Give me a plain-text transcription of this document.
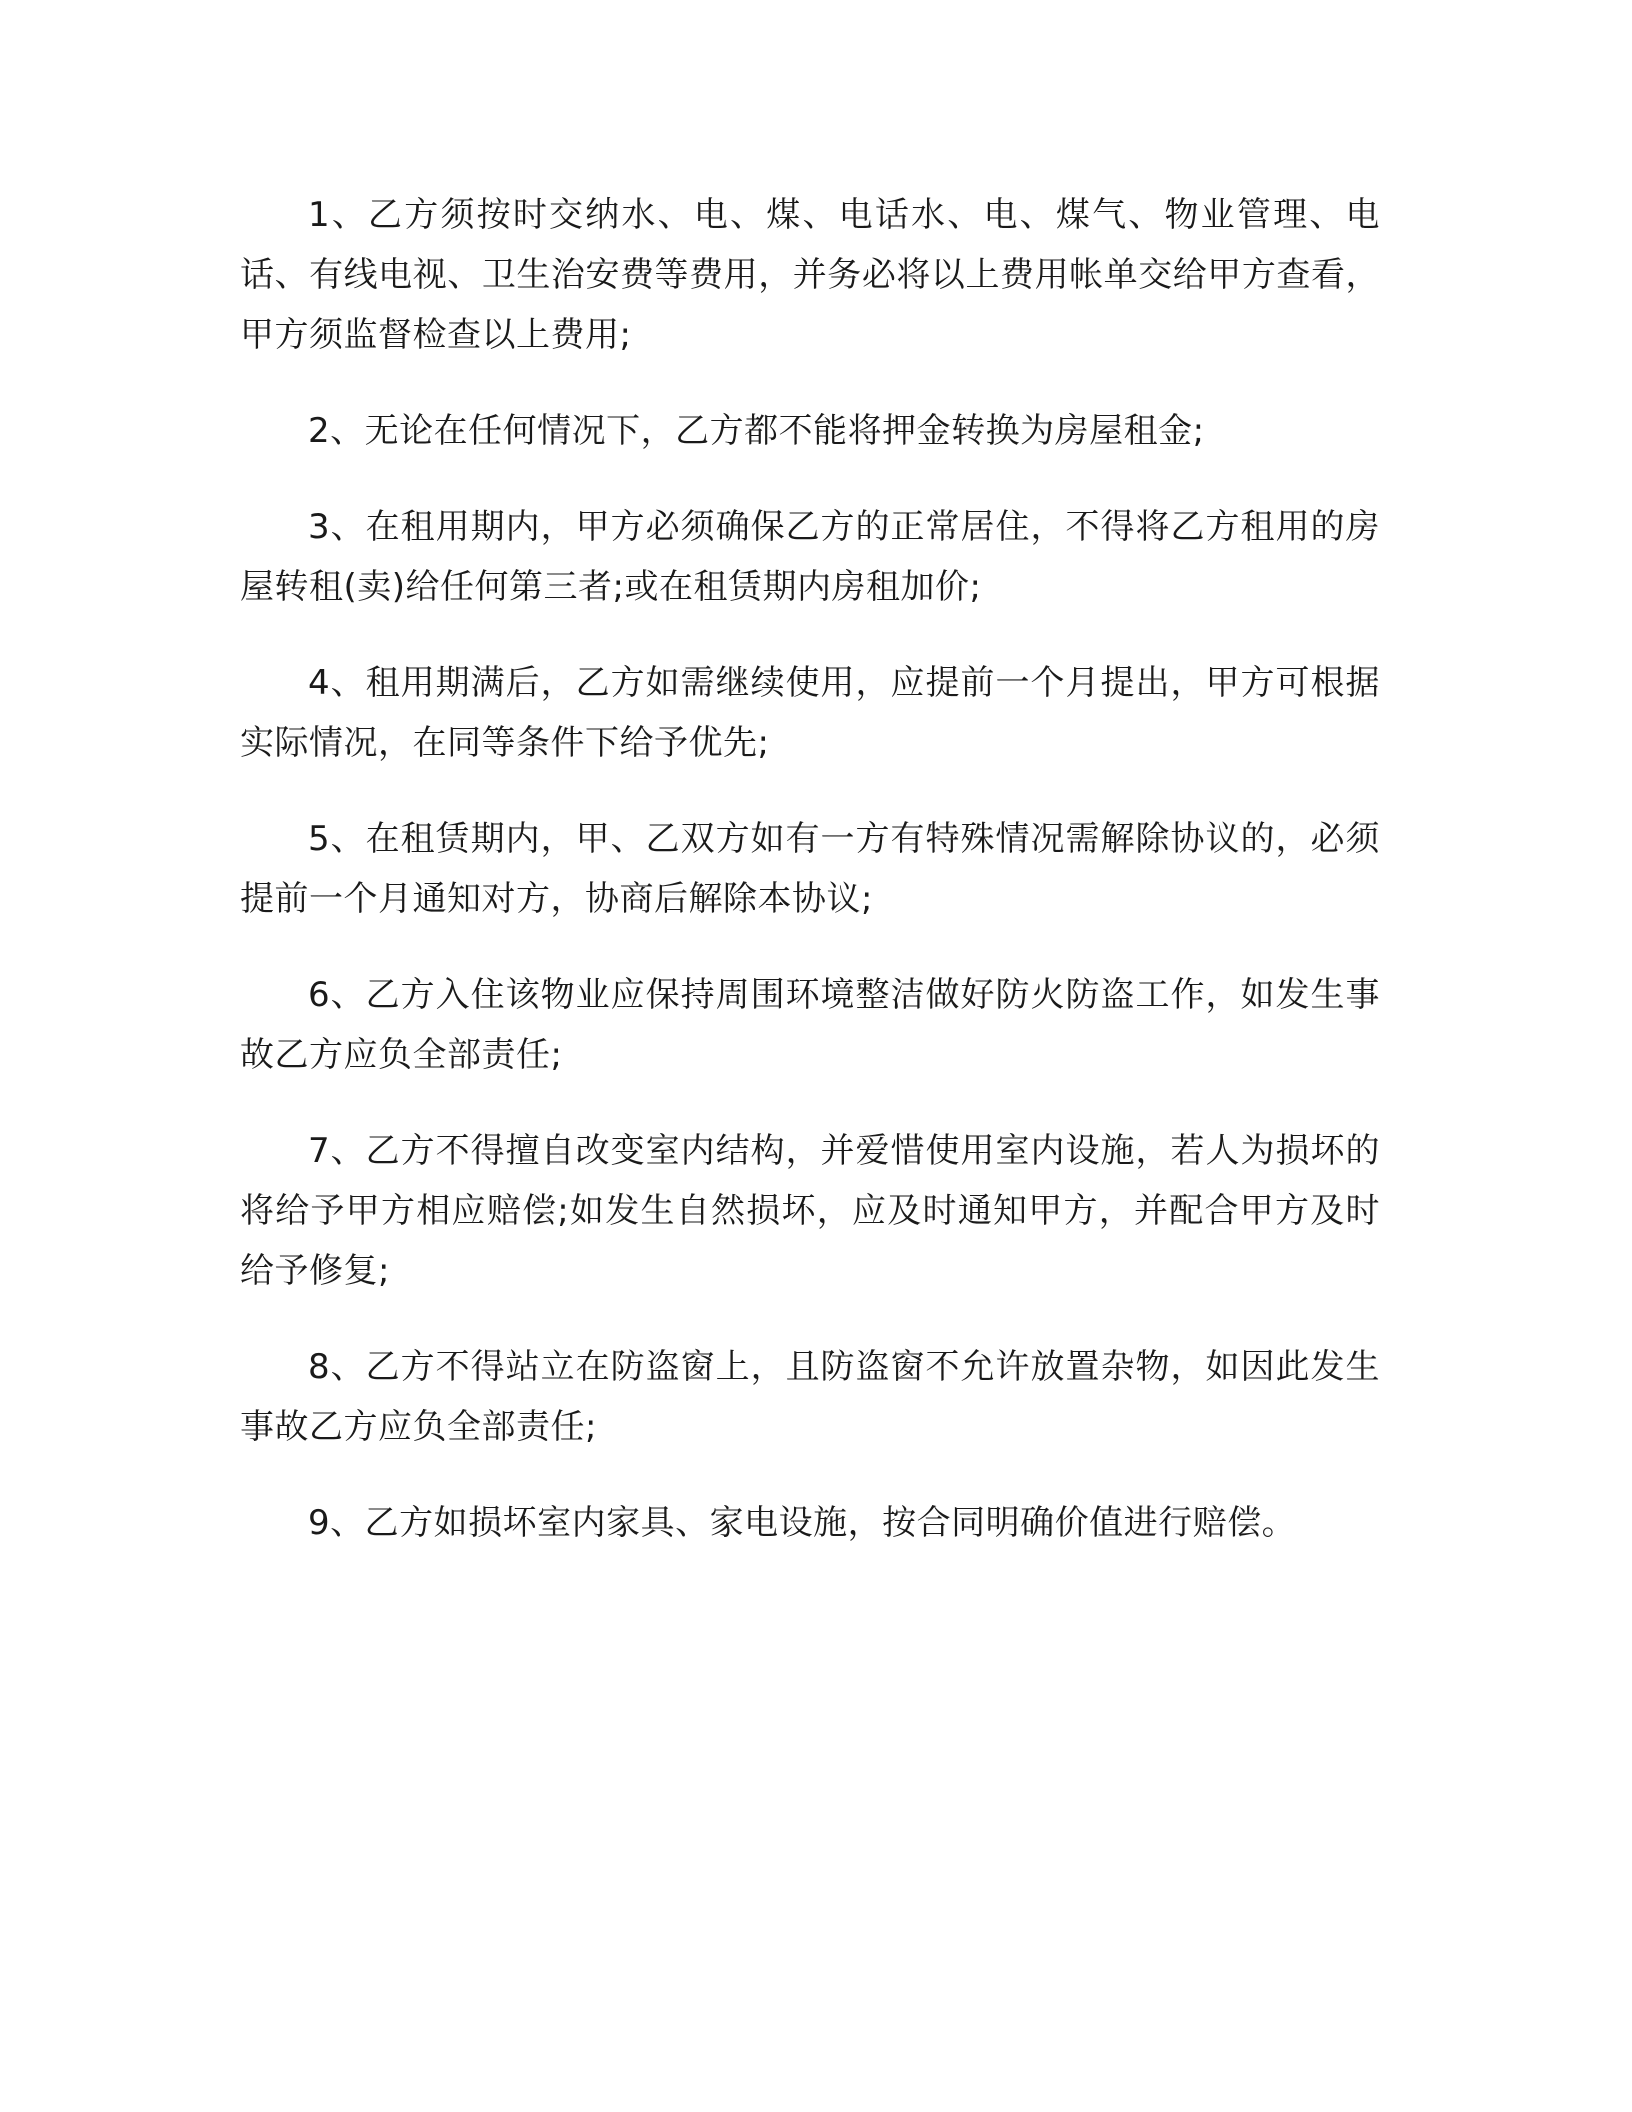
1、乙方须按时交纳水、电、煤、电话水、电、煤气、物业管理、电话、有线电视、卫生治安费等费用，并务必将以上费用帐单交给甲方查看，甲方须监督检查以上费用;

2、无论在任何情况下，乙方都不能将押金转换为房屋租金;

3、在租用期内，甲方必须确保乙方的正常居住，不得将乙方租用的房屋转租(卖)给任何第三者;或在租赁期内房租加价;

4、租用期满后，乙方如需继续使用，应提前一个月提出，甲方可根据实际情况，在同等条件下给予优先;

5、在租赁期内，甲、乙双方如有一方有特殊情况需解除协议的，必须提前一个月通知对方，协商后解除本协议;

6、乙方入住该物业应保持周围环境整洁做好防火防盗工作，如发生事故乙方应负全部责任;

7、乙方不得擅自改变室内结构，并爱惜使用室内设施，若人为损坏的将给予甲方相应赔偿;如发生自然损坏，应及时通知甲方，并配合甲方及时给予修复;

8、乙方不得站立在防盗窗上，且防盗窗不允许放置杂物，如因此发生事故乙方应负全部责任;

9、乙方如损坏室内家具、家电设施，按合同明确价值进行赔偿。
